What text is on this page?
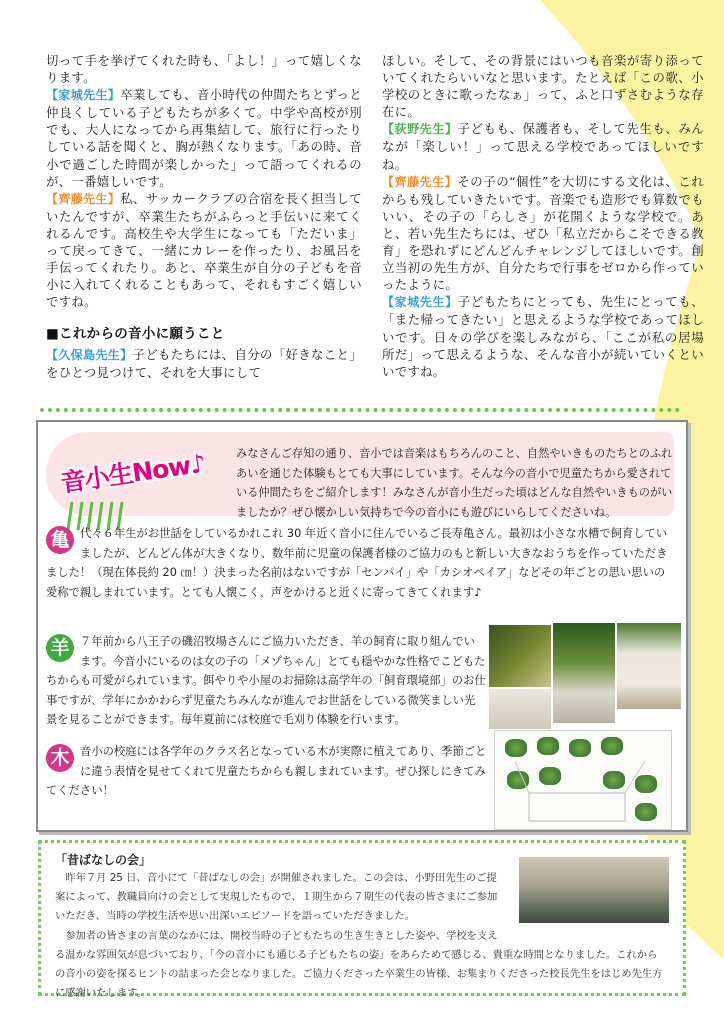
切って手を挙げてくれた時も、「よし！」って嬉しくなります。

【家城先生】卒業しても、音小時代の仲間たちとずっと仲良くしている子どもたちが多くて。中学や高校が別でも、大人になってから再集結して、旅行に行ったりしている話を聞くと、胸が熱くなります。「あの時、音小で過ごした時間が楽しかった」って語ってくれるのが、一番嬉しいです。

【齊藤先生】私、サッカークラブの合宿を長く担当していたんですが、卒業生たちがふらっと手伝いに来てくれるんです。高校生や大学生になっても「ただいま」って戻ってきて、一緒にカレーを作ったり、お風呂を手伝ってくれたり。あと、卒業生が自分の子どもを音小に入れてくれることもあって、それもすごく嬉しいですね。

■これからの音小に願うこと

【久保島先生】子どもたちには、自分の「好きなこと」をひとつ見つけて、それを大事にして

ほしい。そして、その背景にはいつも音楽が寄り添っていてくれたらいいなと思います。たとえば「この歌、小学校のときに歌ったなぁ」って、ふと口ずさむような存在に。

【荻野先生】子どもも、保護者も、そして先生も、みんなが「楽しい！」って思える学校であってほしいですね。

【齊藤先生】その子の“個性”を大切にする文化は、これからも残していきたいです。音楽でも造形でも算数でもいい、その子の「らしさ」が花開くような学校で。あと、若い先生たちには、ぜひ「私立だからこそできる教育」を恐れずにどんどんチャレンジしてほしいです。創立当初の先生方が、自分たちで行事をゼロから作っていったように。

【家城先生】子どもたちにとっても、先生にとっても、「また帰ってきたい」と思えるような学校であってほしいです。日々の学びを楽しみながら、「ここが私の居場所だ」って思えるような、そんな音小が続いていくといいですね。

音小生Now♪	みなさんご存知の通り、音小では音楽はもちろんのこと、自然やいきものたちとのふれあいを通じた体験もとても大事にしています。そんな今の音小で児童たちから愛されている仲間たちをご紹介します！みなさんが音小生だった頃はどんな自然やいきものがいましたか？ぜひ懐かしい気持ちで今の音小にも遊びにいらしてくださいね。
亀 代々６年生がお世話をしているかれこれ 30 年近く音小に住んでいるご長寿亀さん。最初は小さな水槽で飼育していましたが、どんどん体が大きくなり、数年前に児童の保護者様のご協力のもと新しい大きなおうちを作っていただきました！（現在体長約 20 ㎝！）決まった名前はないですが「センパイ」や「カシオペイア」などその年ごとの思い思いの愛称で親しまれています。とても人懐こく、声をかけると近くに寄ってきてくれます♪
羊 ７年前から八王子の磯沼牧場さんにご協力いただき、羊の飼育に取り組んでいます。今音小にいるのは女の子の「メゾちゃん」とても穏やかな性格でこどもたちからも可愛がられています。餌やりや小屋のお掃除は高学年の「飼育環境部」のお仕事ですが、学年にかかわらず児童たちみんなが進んでお世話をしている微笑ましい光景を見ることができます。毎年夏前には校庭で毛刈り体験を行います。
木 音小の校庭には各学年のクラス名となっている木が実際に植えてあり、季節ごとに違う表情を見せてくれて児童たちからも親しまれています。ぜひ探しにきてみてください！
「昔ばなしの会」
昨年７月 25 日、音小にて「昔ばなしの会」が開催されました。この会は、小野田先生のご提案によって、教職員向けの会として実現したもので、１期生から７期生の代表の皆さまにご参加いただき、当時の学校生活や思い出深いエピソードを語っていただきました。
参加者の皆さまの言葉のなかには、開校当時の子どもたちの生き生きとした姿や、学校を支える温かな雰囲気が息づいており、「今の音小にも通じる子どもたちの姿」をあらためて感じる、貴重な時間となりました。これからの音小の姿を探るヒントの詰まった会となりました。ご協力くださった卒業生の皆様、お集まりくださった校長先生をはじめ先生方に感謝いたします。
